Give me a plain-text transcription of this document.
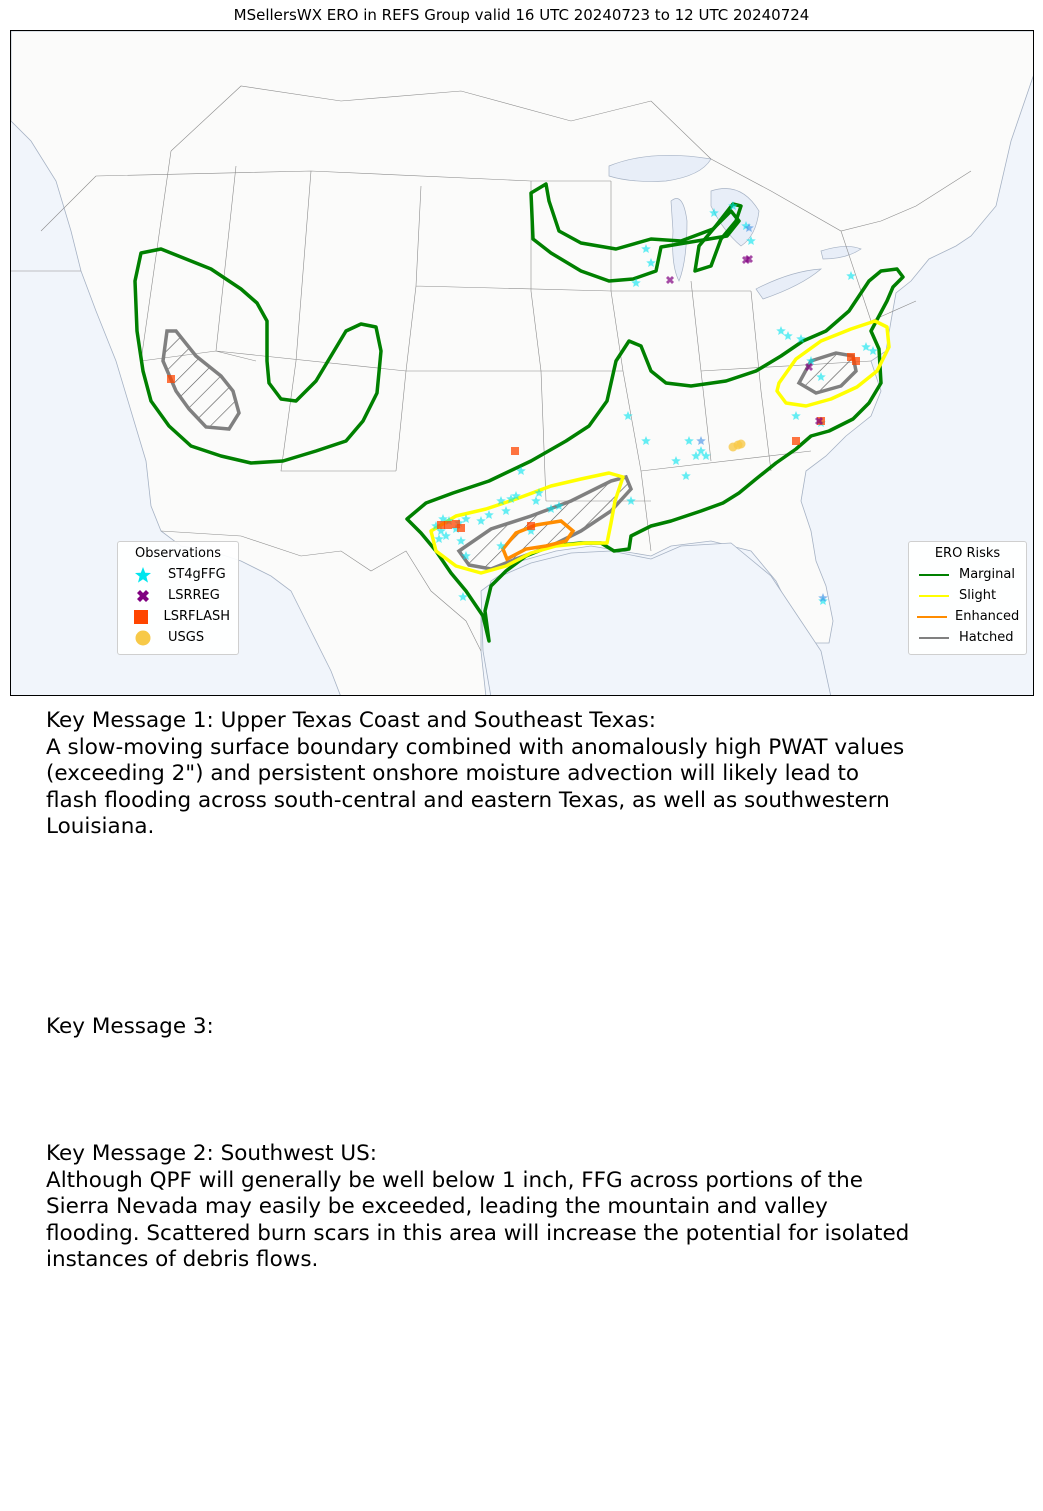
MSellersWX ERO in REFS Group valid 16 UTC 20240723 to 12 UTC 20240724
Observations
ST4gFFG
LSRREG
LSRFLASH
USGS
ERO Risks
Marginal
Slight
Enhanced
Hatched
Key Message 1: Upper Texas Coast and Southeast Texas:
A slow-moving surface boundary combined with anomalously high PWAT values
(exceeding 2") and persistent onshore moisture advection will likely lead to
flash flooding across south-central and eastern Texas, as well as southwestern
Louisiana.
Key Message 3:
Key Message 2: Southwest US:
Although QPF will generally be well below 1 inch, FFG across portions of the
Sierra Nevada may easily be exceeded, leading the mountain and valley
flooding. Scattered burn scars in this area will increase the potential for isolated
instances of debris flows.
